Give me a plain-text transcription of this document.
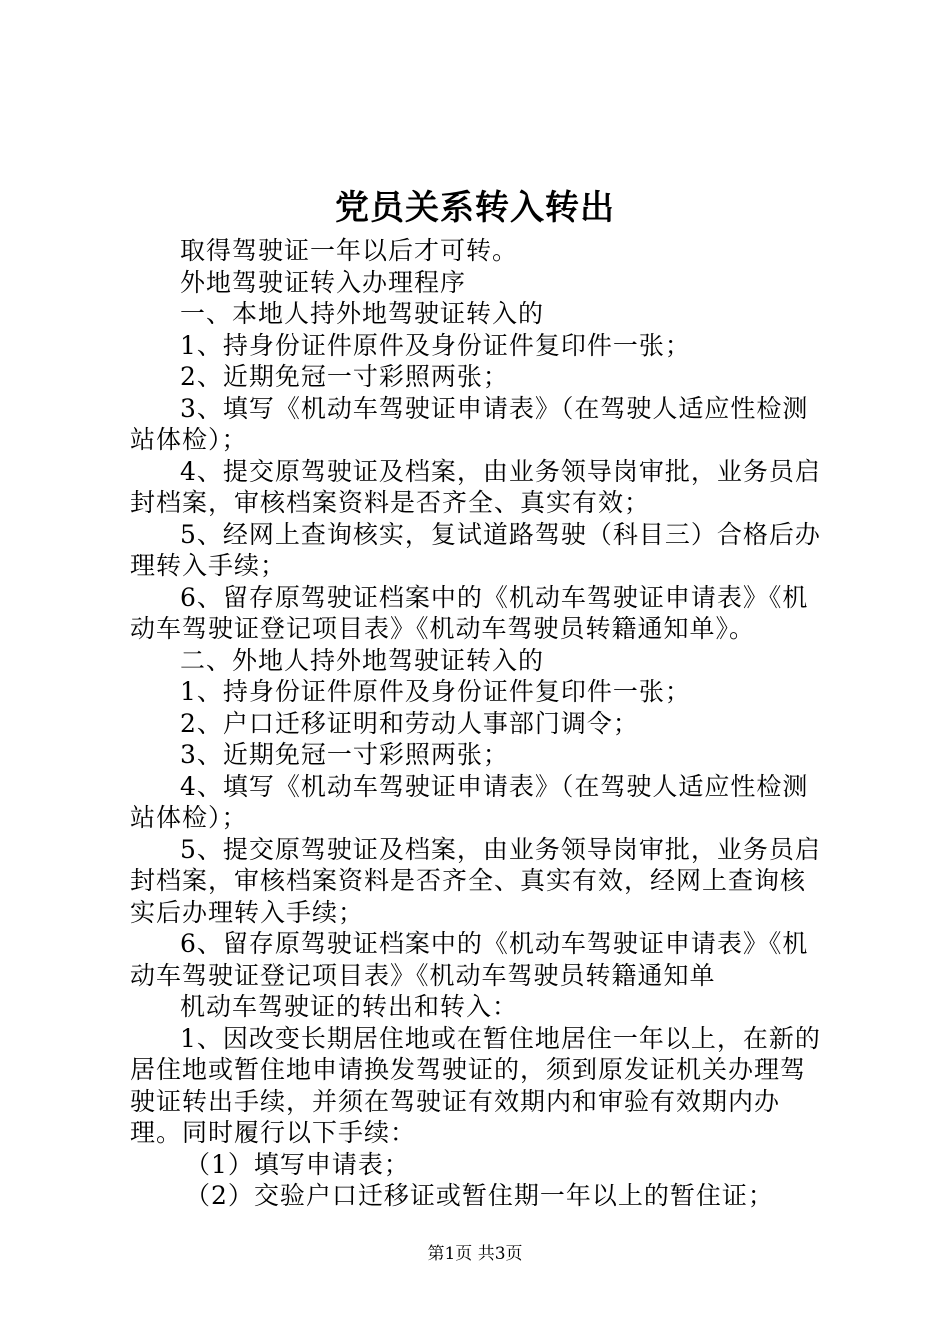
党员关系转入转出

取得驾驶证一年以后才可转。

外地驾驶证转入办理程序

一、本地人持外地驾驶证转入的

1、持身份证件原件及身份证件复印件一张；

2、近期免冠一寸彩照两张；

3、填写《机动车驾驶证申请表》（在驾驶人适应性检测站体检）；

4、提交原驾驶证及档案，由业务领导岗审批，业务员启封档案，审核档案资料是否齐全、真实有效；

5、经网上查询核实，复试道路驾驶（科目三）合格后办理转入手续；

6、留存原驾驶证档案中的《机动车驾驶证申请表》《机动车驾驶证登记项目表》《机动车驾驶员转籍通知单》。

二、外地人持外地驾驶证转入的

1、持身份证件原件及身份证件复印件一张；

2、户口迁移证明和劳动人事部门调令；

3、近期免冠一寸彩照两张；

4、填写《机动车驾驶证申请表》（在驾驶人适应性检测站体检）；

5、提交原驾驶证及档案，由业务领导岗审批，业务员启封档案，审核档案资料是否齐全、真实有效，经网上查询核实后办理转入手续；

6、留存原驾驶证档案中的《机动车驾驶证申请表》《机动车驾驶证登记项目表》《机动车驾驶员转籍通知单

机动车驾驶证的转出和转入：

1、因改变长期居住地或在暂住地居住一年以上，在新的居住地或暂住地申请换发驾驶证的，须到原发证机关办理驾驶证转出手续，并须在驾驶证有效期内和审验有效期内办理。同时履行以下手续：

（1）填写申请表；

（2）交验户口迁移证或暂住期一年以上的暂住证；

第1页 共3页
